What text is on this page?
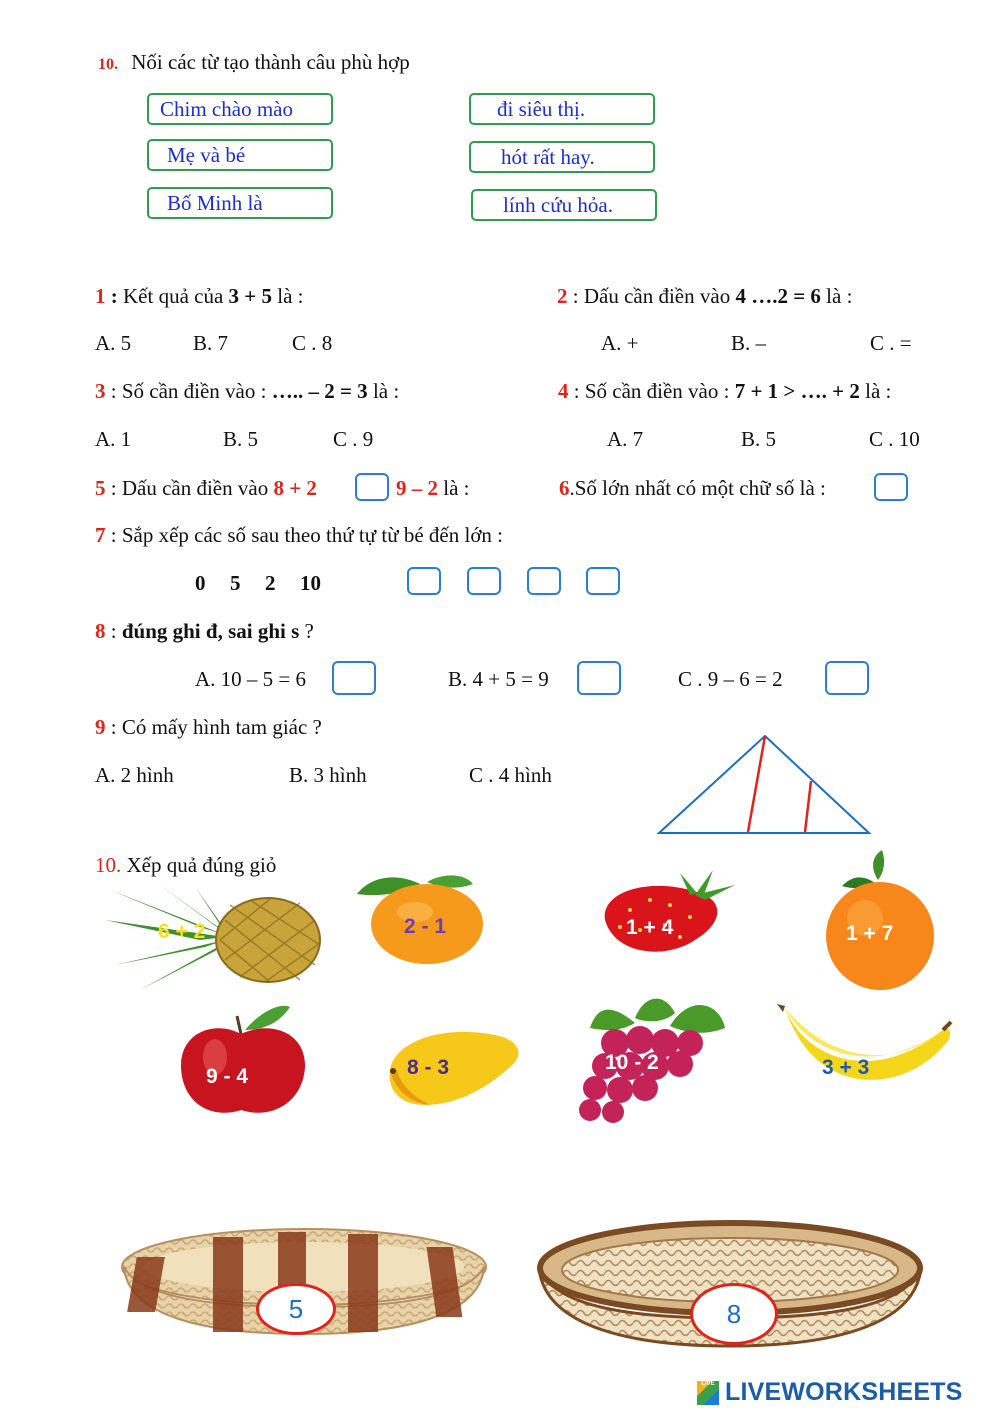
10. Nối các từ tạo thành câu phù hợp
Chim chào mào
Mẹ và bé
Bố Minh là
đi siêu thị.
hót rất hay.
lính cứu hỏa.
1 : Kết quả của 3 + 5 là :
A. 5	B. 7	C . 8
2 : Dấu cần điền vào 4 ….2 = 6 là :
A. +	B. –	C . =
3 : Số cần điền vào : ….. – 2 = 3 là :
A. 1	B. 5	C . 9
4 : Số cần điền vào : 7 + 1 > …. + 2 là :
A. 7	B. 5	C . 10
5 : Dấu cần điền vào 8 + 2	9 – 2 là :	6.Số lớn nhất có một chữ số là :
7 : Sắp xếp các số sau theo thứ tự từ bé đến lớn :
0 5 2 10
8 : đúng ghi đ, sai ghi s ?
A. 10 – 5 = 6	B. 4 + 5 = 9	C . 9 – 6 = 2
9 : Có mấy hình tam giác ?
A. 2 hình	B. 3 hình	C . 4 hình
10. Xếp quả đúng giỏ
6 + 2	2 - 1	1 + 4	1 + 7
9 - 4	8 - 3	10 - 2	3 + 3
5	8
LIVE LIVEWORKSHEETS
